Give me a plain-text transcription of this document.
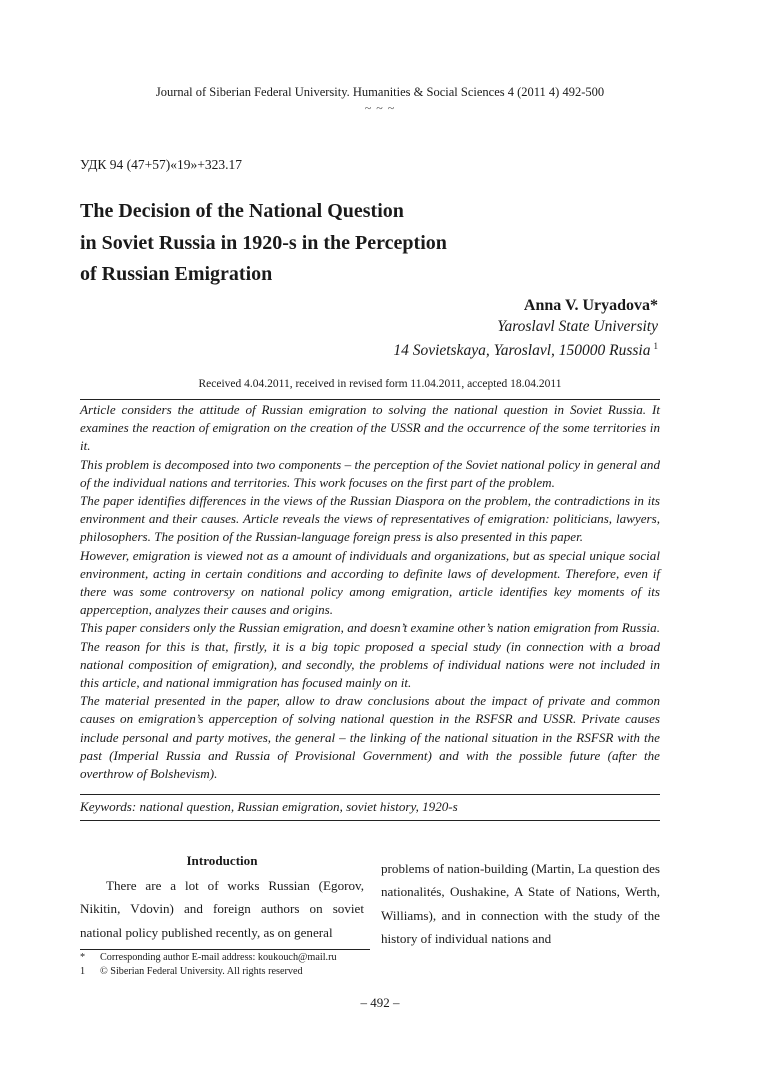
Journal of Siberian Federal University. Humanities & Social Sciences 4 (2011 4) 492-500
~ ~ ~
УДК 94 (47+57)«19»+323.17
The Decision of the National Question
in Soviet Russia in 1920-s in the Perception
of Russian Emigration
Anna V. Uryadova*
Yaroslavl State University
14 Sovietskaya, Yaroslavl, 150000 Russia $^1$
Received 4.04.2011, received in revised form 11.04.2011, accepted 18.04.2011

Article considers the attitude of Russian emigration to solving the national question in Soviet Russia. It examines the reaction of emigration on the creation of the USSR and the occurrence of the some territories in it.

This problem is decomposed into two components – the perception of the Soviet national policy in general and of the individual nations and territories. This work focuses on the first part of the problem.

The paper identifies differences in the views of the Russian Diaspora on the problem, the contradictions in its environment and their causes. Article reveals the views of representatives of emigration: politicians, lawyers, philosophers. The position of the Russian-language foreign press is also presented in this paper.

However, emigration is viewed not as a amount of individuals and organizations, but as special unique social environment, acting in certain conditions and according to definite laws of development. Therefore, even if there was some controversy on national policy among emigration, article identifies key moments of its apperception, analyzes their causes and origins.

This paper considers only the Russian emigration, and doesn’t examine other’s nation emigration from Russia. The reason for this is that, firstly, it is a big topic proposed a special study (in connection with a broad national composition of emigration), and secondly, the problems of individual nations were not included in this article, and national immigration has focused mainly on it.

The material presented in the paper, allow to draw conclusions about the impact of private and common causes on emigration’s apperception of solving national question in the RSFSR and USSR. Private causes include personal and party motives, the general – the linking of the national situation in the RSFSR with the past (Imperial Russia and Russia of Provisional Government) and with the possible future (after the overthrow of Bolshevism).

Keywords: national question, Russian emigration, soviet history, 1920-s
Introduction

There are a lot of works Russian (Egorov, Nikitin, Vdovin) and foreign authors on soviet national policy published recently, as on general

problems of nation-building (Martin, La question des nationalités, Oushakine, A State of Nations, Werth, Williams), and in connection with the study of the history of individual nations and

*	Corresponding author E-mail address: koukouch@mail.ru
1	© Siberian Federal University. All rights reserved
– 492 –
